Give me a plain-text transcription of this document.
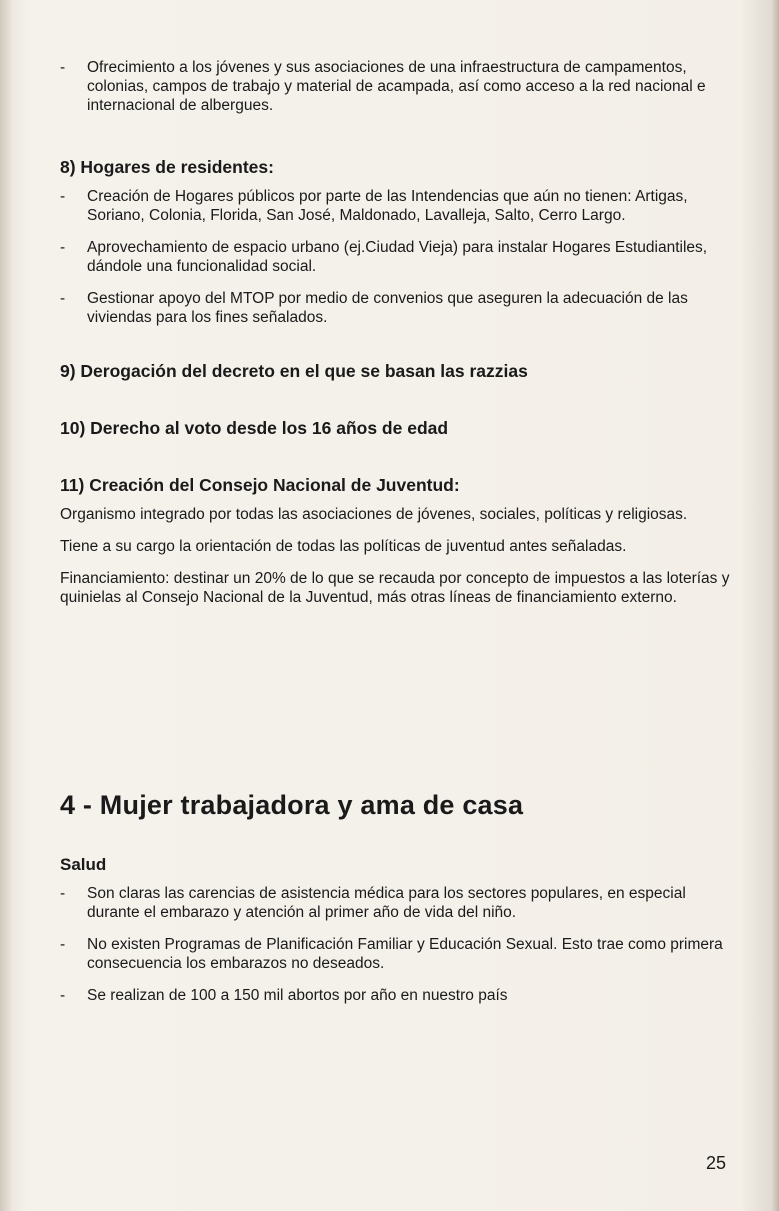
- Ofrecimiento a los jóvenes y sus asociaciones de una infraestructura de campamentos, colonias, campos de trabajo y material de acampada, así como acceso a la red nacional e internacional de albergues.
8) Hogares de residentes:
- Creación de Hogares públicos por parte de las Intendencias que aún no tienen: Artigas, Soriano, Colonia, Florida, San José, Maldonado, Lavalleja, Salto, Cerro Largo.
- Aprovechamiento de espacio urbano (ej.Ciudad Vieja) para instalar Hogares Estudiantiles, dándole una funcionalidad social.
- Gestionar apoyo del MTOP por medio de convenios que aseguren la adecuación de las viviendas para los fines señalados.
9) Derogación del decreto en el que se basan las razzias
10) Derecho al voto desde los 16 años de edad
11) Creación del Consejo Nacional de Juventud:
Organismo integrado por todas las asociaciones de jóvenes, sociales, políticas y religiosas.
Tiene a su cargo la orientación de todas las políticas de juventud antes señaladas.
Financiamiento: destinar un 20% de lo que se recauda por concepto de impuestos a las loterías y quinielas al Consejo Nacional de la Juventud, más otras líneas de financiamiento externo.
4 - Mujer trabajadora y ama de casa
Salud
- Son claras las carencias de asistencia médica para los sectores populares, en especial durante el embarazo y atención al primer año de vida del niño.
- No existen Programas de Planificación Familiar y Educación Sexual. Esto trae como primera consecuencia los embarazos no deseados.
- Se realizan de 100 a 150 mil abortos por año en nuestro país
25
